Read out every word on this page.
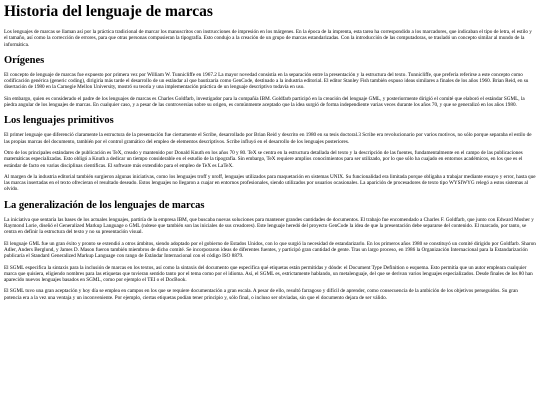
Historia del lenguaje de marcas

Los lenguajes de marcas se llaman así por la práctica tradicional de marcar los manuscritos con instrucciones de impresión en los márgenes. En la época de la imprenta, esta tarea ha correspondido a los marcadores, que indicaban el tipo de letra, el estilo y el tamaño, así como la corrección de errores, para que otras personas compusieran la tipografía. Esto condujo a la creación de un grupo de marcas estandarizadas. Con la introducción de las computadoras, se trasladó un concepto similar al mundo de la informática.

Orígenes

El concepto de lenguaje de marcas fue expuesto por primera vez por William W. Tunnicliffe en 1967.2 La mayor novedad consistía en la separación entre la presentación y la estructura del texto. Tunnicliffe, que prefería referirse a este concepto como codificación genérica (generic coding), dirigiría más tarde el desarrollo de un estándar al que bautizaría como GenCode, destinado a la industria editorial. El editor Stanley Fish también expuso ideas similares a finales de los años 1960. Brian Reid, en su disertación de 1980 en la Carnegie Mellon University, mostró su teoría y una implementación práctica de un lenguaje descriptivo todavía en uso.

Sin embargo, quien es considerado el padre de los lenguajes de marcas es Charles Goldfarb, investigador para la compañía IBM. Goldfarb participó en la creación del lenguaje GML, y posteriormente dirigió el comité que elaboró el estándar SGML, la piedra angular de los lenguajes de marcas. En cualquier caso, y a pesar de las controversias sobre su origen, es comúnmente aceptado que la idea surgió de forma independiente varias veces durante los años 70, y que se generalizó en los años 1980.

Los lenguajes primitivos

El primer lenguaje que diferenció claramente la estructura de la presentación fue ciertamente el Scribe, desarrollado por Brian Reid y descrito en 1980 en su tesis doctoral.3 Scribe era revolucionario por varios motivos, no sólo porque separaba el estilo de las propias marcas del documento, también por el control gramático del empleo de elementos descriptivos. Scribe influyó en el desarrollo de los lenguajes posteriores.

Otro de los principales estándares de publicación es TeX, creado y mantenido por Donald Knuth en los años 70 y 80. TeX se centra en la estructura detallada del texto y la descripción de las fuentes, fundamentalmente en el campo de las publicaciones matemáticas especializadas. Esto obligó a Knuth a dedicar un tiempo considerable en el estudio de la tipografía. Sin embargo, TeX requiere amplios conocimientos para ser utilizado, por lo que sólo ha cuajado en entornos académicos, en los que es el estándar de facto en varias disciplinas científicas. El software más extendido para el empleo de TeX es LaTeX.

Al margen de la industria editorial también surgieron algunas iniciativas, como los lenguajes troff y nroff, lenguajes utilizados para maquetación en sistemas UNIX. Su funcionalidad era limitada porque obligaba a trabajar mediante ensayo y error, hasta que las marcas insertadas en el texto ofrecieran el resultado deseado. Estos lenguajes no llegaron a cuajar en entornos profesionales, siendo utilizados por usuarios ocasionales. La aparición de procesadores de texto tipo WYSIWYG relegó a estos sistemas al olvido.

La generalización de los lenguajes de marcas

La iniciativa que sentaría las bases de los actuales lenguajes, partiría de la empresa IBM, que buscaba nuevas soluciones para mantener grandes cantidades de documentos. El trabajo fue encomendado a Charles F. Goldfarb, que junto con Edward Mosher y Raymond Lorie, diseñó el Generalized Markup Language o GML (nótese que también son las iniciales de sus creadores). Este lenguaje heredó del proyecto GenCode la idea de que la presentación debe separarse del contenido. El marcado, por tanto, se centra en definir la estructura del texto y no su presentación visual.

El lenguaje GML fue un gran éxito y pronto se extendió a otros ámbitos, siendo adoptado por el gobierno de Estados Unidos, con lo que surgió la necesidad de estandarizarlo. En los primeros años 1980 se constituyó un comité dirigido por Goldfarb. Sharon Adler, Anders Berglund, y James D. Mason fueron también miembros de dicho comité. Se incorporaron ideas de diferentes fuentes, y participó gran cantidad de gente. Tras un largo proceso, en 1986 la Organización Internacional para la Estandarización publicaría el Standard Generalized Markup Language con rango de Estándar Internacional con el código ISO 8879.

El SGML especifica la sintaxis para la inclusión de marcas en los textos, así como la sintaxis del documento que especifica qué etiquetas están permitidas y dónde: el Document Type Definition o esquema. Esto permitía que un autor empleara cualquier marca que quisiera, eligiendo nombres para las etiquetas que tuvieran sentido tanto por el tema como por el idioma. Así, el SGML es, estrictamente hablando, un metalenguaje, del que se derivan varios lenguajes especializados. Desde finales de los 80 han aparecido nuevos lenguajes basados en SGML, como por ejemplo el TEI o el DocBook.

El SGML tuvo una gran aceptación y hoy día se emplea en campos en los que se requiere documentación a gran escala. A pesar de ello, resultó farragoso y difícil de aprender, como consecuencia de la ambición de los objetivos perseguidos. Su gran potencia era a la vez una ventaja y un inconveniente. Por ejemplo, ciertas etiquetas podían tener principio y, sólo final, o incluso ser obviadas, sin que el documento dejara de ser válido.
